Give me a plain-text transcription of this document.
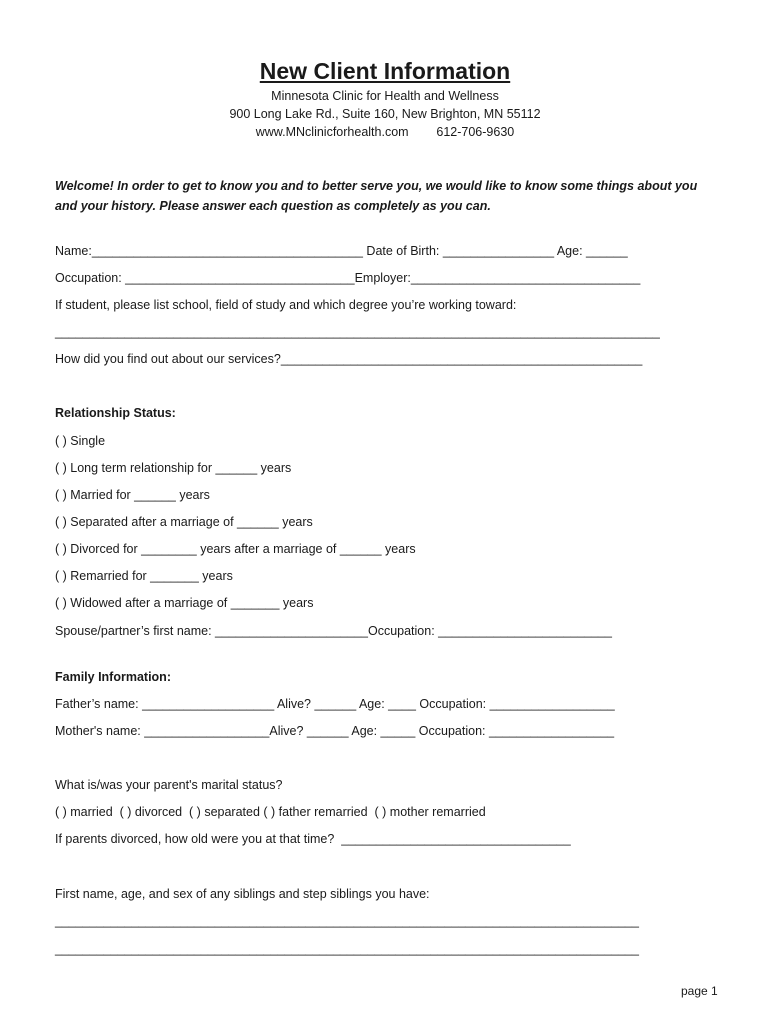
New Client Information
Minnesota Clinic for Health and Wellness
900 Long Lake Rd., Suite 160, New Brighton, MN 55112
www.MNclinicforhealth.com 612-706-9630
Welcome! In order to get to know you and to better serve you, we would like to know some things about you
and your history. Please answer each question as completely as you can.
Name:_______________________________________ Date of Birth: ________________ Age: ______
Occupation: _________________________________Employer:_________________________________
If student, please list school, field of study and which degree you’re working toward:
_______________________________________________________________________________________
How did you find out about our services?____________________________________________________
Relationship Status:
( ) Single
( ) Long term relationship for ______ years
( ) Married for ______ years
( ) Separated after a marriage of ______ years
( ) Divorced for ________ years after a marriage of ______ years
( ) Remarried for _______ years
( ) Widowed after a marriage of _______ years
Spouse/partner’s first name: ______________________Occupation: _________________________
Family Information:
Father’s name: ___________________ Alive? ______ Age: ____ Occupation: __________________
Mother's name: __________________Alive? ______ Age: _____ Occupation: __________________
What is/was your parent's marital status?
( ) married  ( ) divorced  ( ) separated ( ) father remarried  ( ) mother remarried
If parents divorced, how old were you at that time?  _________________________________
First name, age, and sex of any siblings and step siblings you have:
____________________________________________________________________________________
____________________________________________________________________________________
page 1
